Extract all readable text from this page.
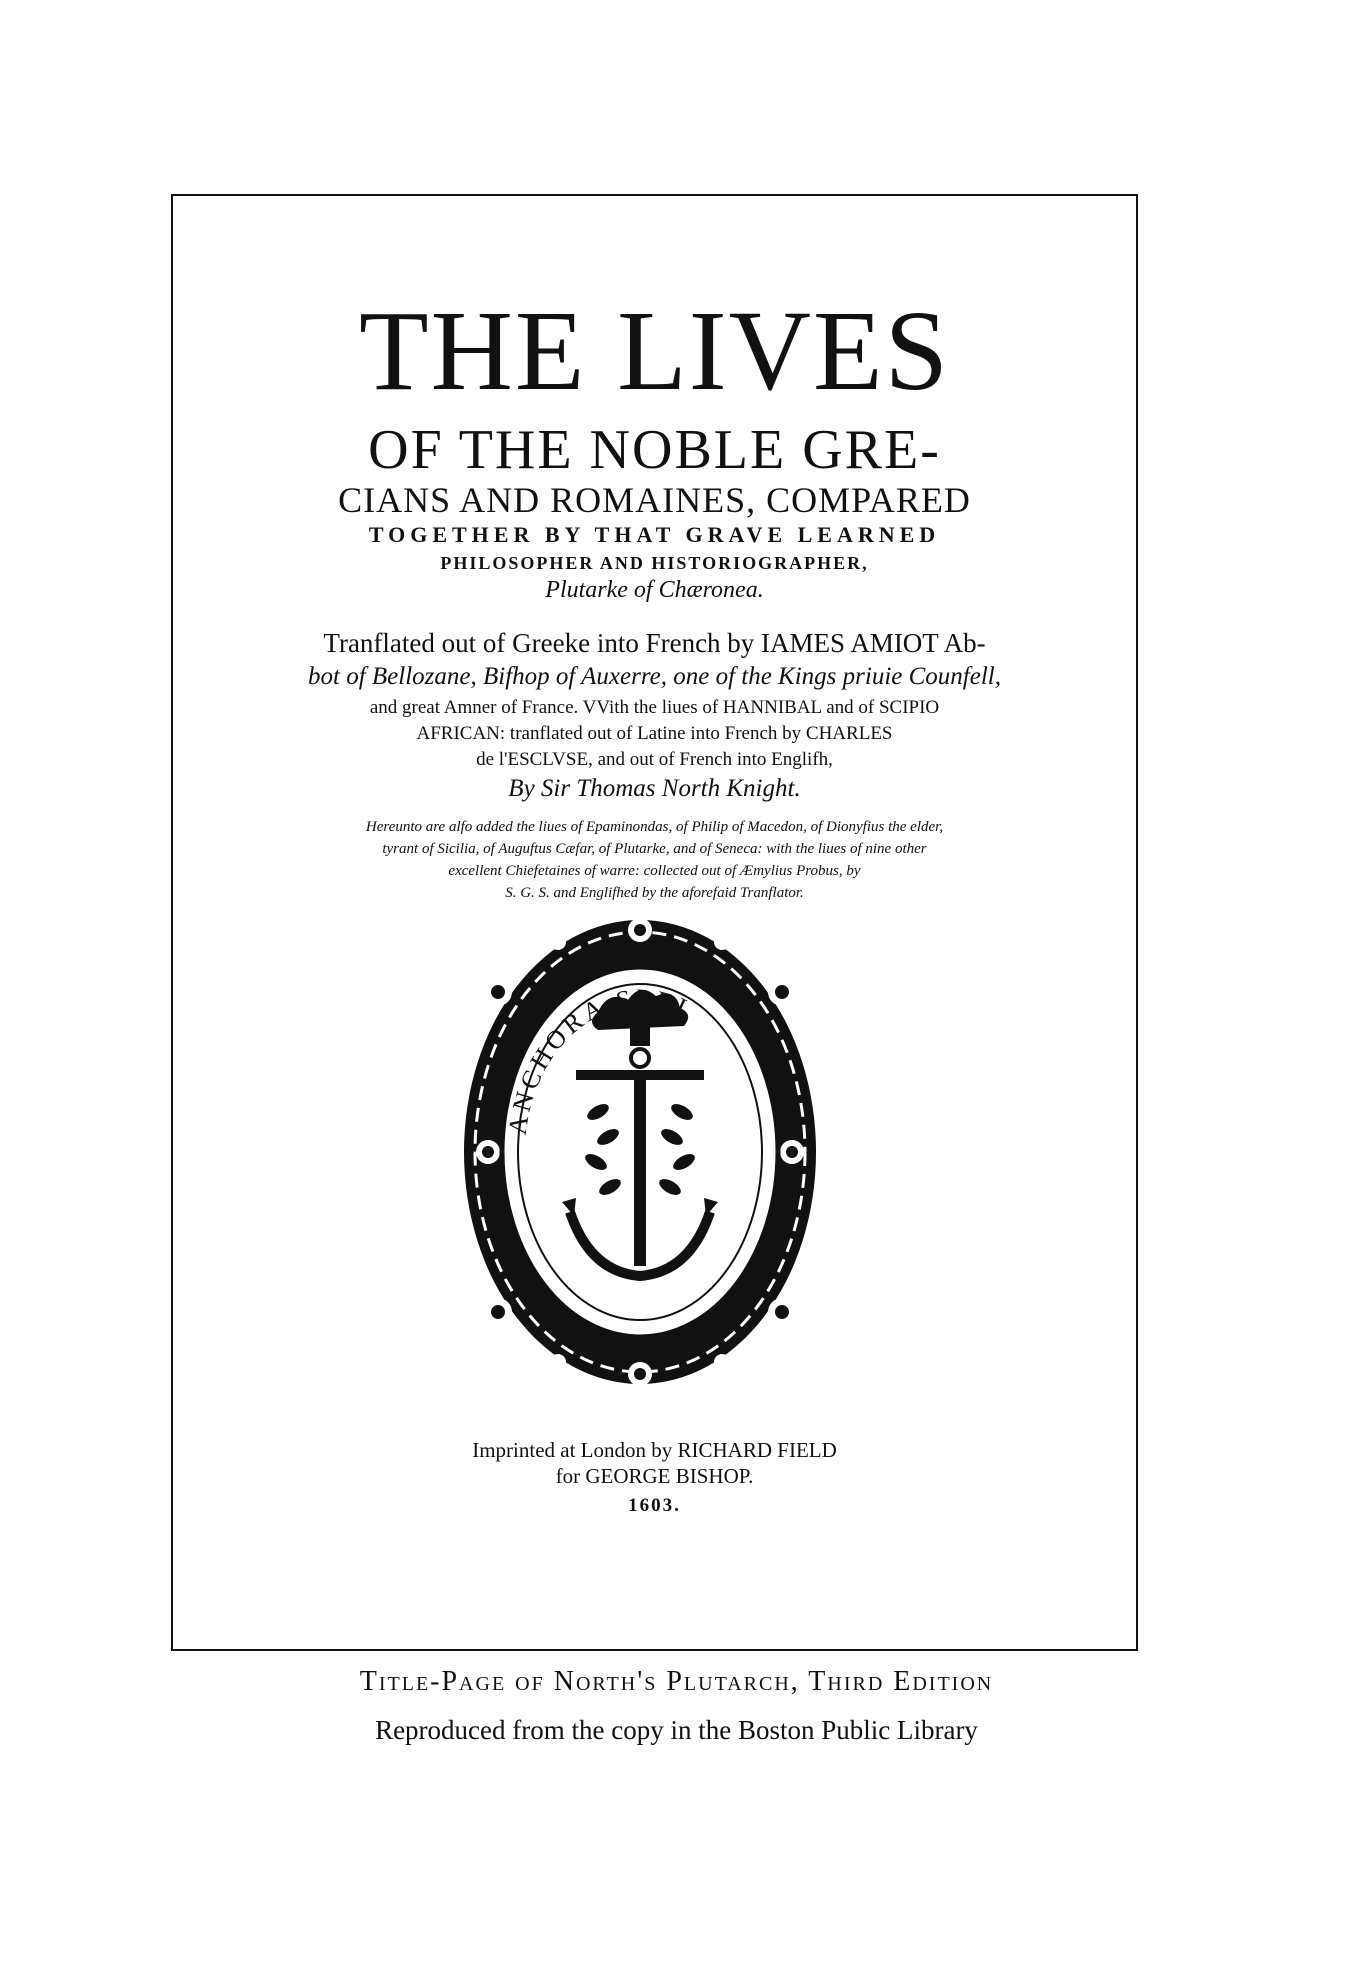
THE LIVES
OF THE NOBLE GRE-
CIANS AND ROMAINES, COMPARED
TOGETHER BY THAT GRAVE LEARNED
PHILOSOPHER AND HISTORIOGRAPHER,
Plutarke of Chæronea.
Tranflated out of Greeke into French by IAMES AMIOT Ab-
bot of Bellozane, Bifhop of Auxerre, one of the Kings priuie Counfell,
and great Amner of France. VVith the liues of HANNIBAL and of SCIPIO
AFRICAN: tranflated out of Latine into French by CHARLES
de l'ESCLVSE, and out of French into Englifh,
By Sir Thomas North Knight.
Hereunto are alfo added the liues of Epaminondas, of Philip of Macedon, of Dionyfius the elder,
tyrant of Sicilia, of Auguftus Cæfar, of Plutarke, and of Seneca: with the liues of nine other
excellent Chiefetaines of warre: collected out of Æmylius Probus, by
S. G. S. and Englifhed by the aforefaid Tranflator.
ANCHORA SPEI
Imprinted at London by RICHARD FIELD
for GEORGE BISHOP.
1603.
Title-Page of North's Plutarch, Third Edition
Reproduced from the copy in the Boston Public Library
